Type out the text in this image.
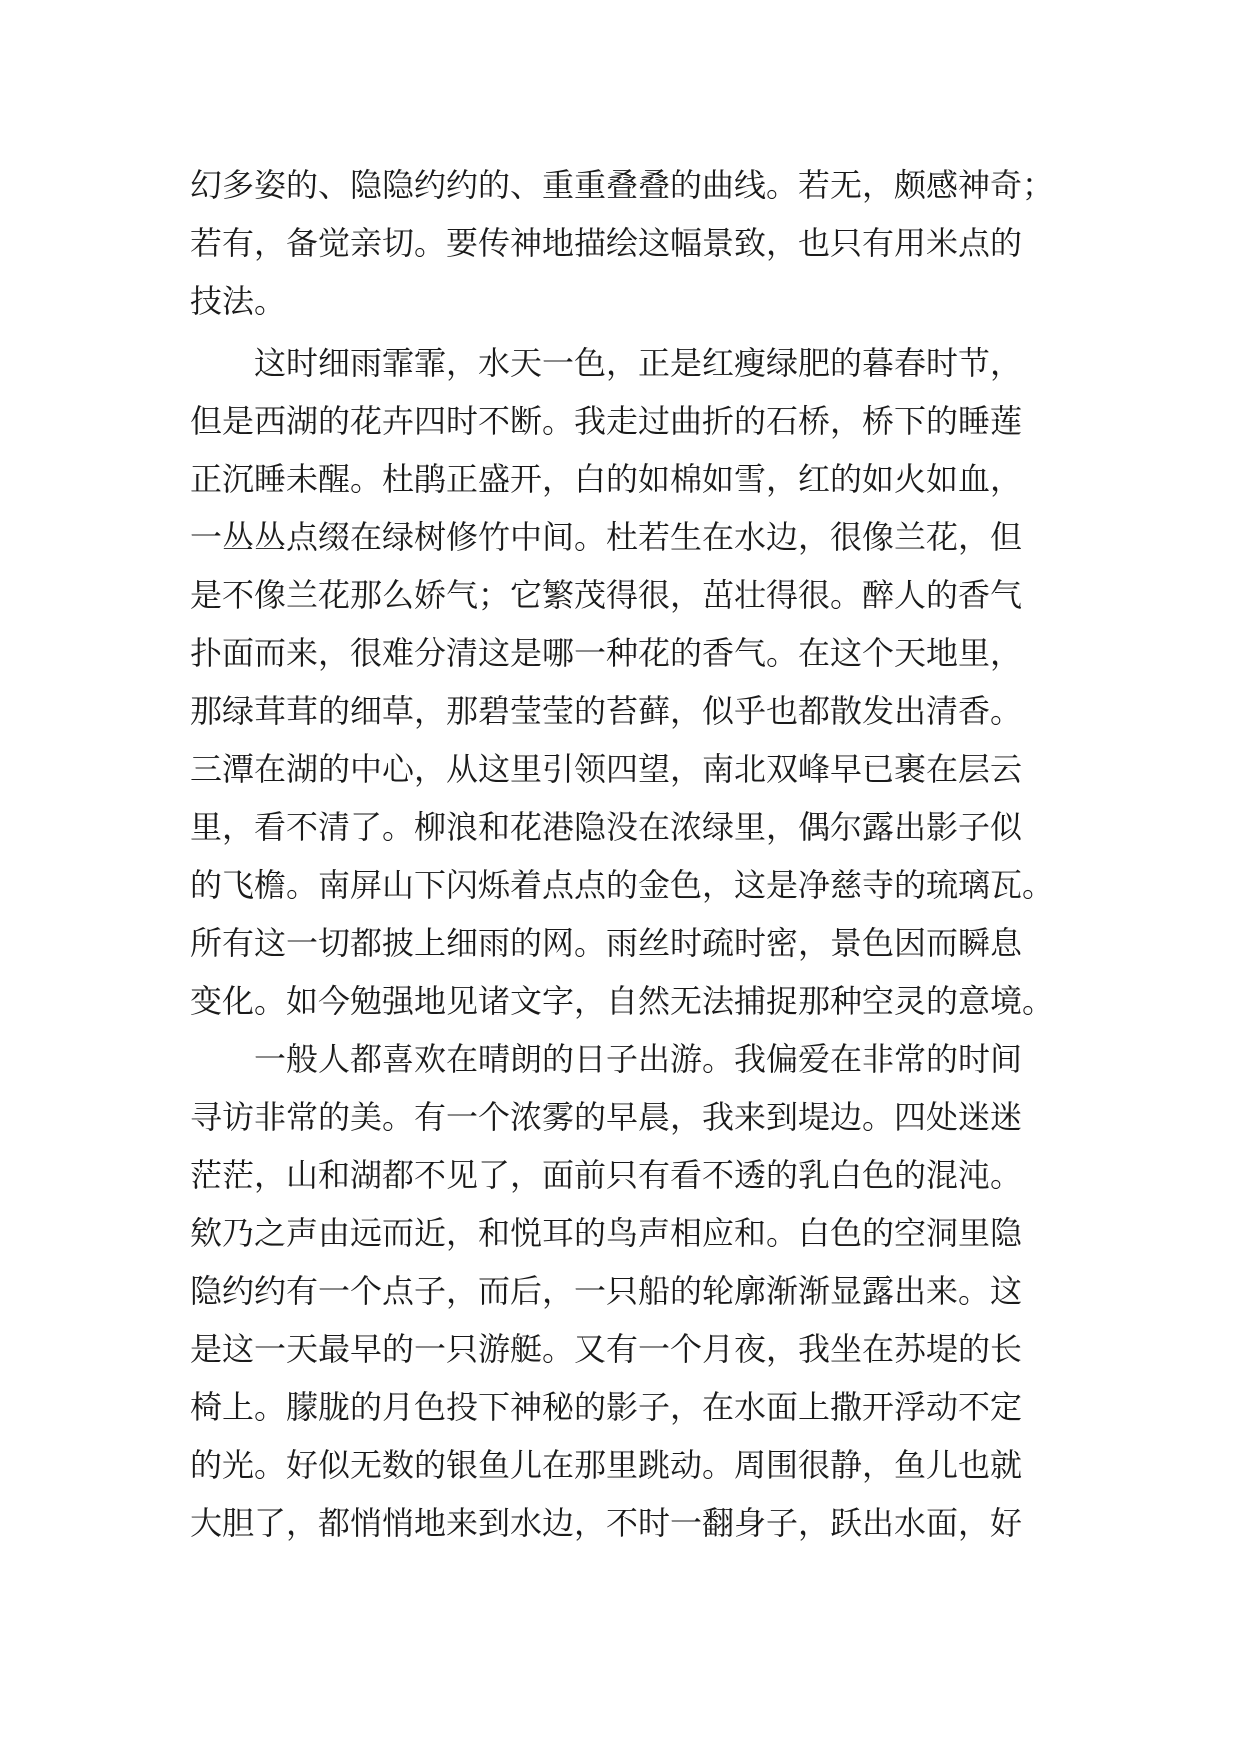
幻多姿的、隐隐约约的、重重叠叠的曲线。若无，颇感神奇；
若有，备觉亲切。要传神地描绘这幅景致，也只有用米点的
技法。
　　这时细雨霏霏，水天一色，正是红瘦绿肥的暮春时节，
但是西湖的花卉四时不断。我走过曲折的石桥，桥下的睡莲
正沉睡未醒。杜鹃正盛开，白的如棉如雪，红的如火如血，
一丛丛点缀在绿树修竹中间。杜若生在水边，很像兰花，但
是不像兰花那么娇气；它繁茂得很，茁壮得很。醉人的香气
扑面而来，很难分清这是哪一种花的香气。在这个天地里，
那绿茸茸的细草，那碧莹莹的苔藓，似乎也都散发出清香。
三潭在湖的中心，从这里引领四望，南北双峰早已裹在层云
里，看不清了。柳浪和花港隐没在浓绿里，偶尔露出影子似
的飞檐。南屏山下闪烁着点点的金色，这是净慈寺的琉璃瓦。
所有这一切都披上细雨的网。雨丝时疏时密，景色因而瞬息
变化。如今勉强地见诸文字，自然无法捕捉那种空灵的意境。
　　一般人都喜欢在晴朗的日子出游。我偏爱在非常的时间
寻访非常的美。有一个浓雾的早晨，我来到堤边。四处迷迷
茫茫，山和湖都不见了，面前只有看不透的乳白色的混沌。
欸乃之声由远而近，和悦耳的鸟声相应和。白色的空洞里隐
隐约约有一个点子，而后，一只船的轮廓渐渐显露出来。这
是这一天最早的一只游艇。又有一个月夜，我坐在苏堤的长
椅上。朦胧的月色投下神秘的影子，在水面上撒开浮动不定
的光。好似无数的银鱼儿在那里跳动。周围很静，鱼儿也就
大胆了，都悄悄地来到水边，不时一翻身子，跃出水面，好
